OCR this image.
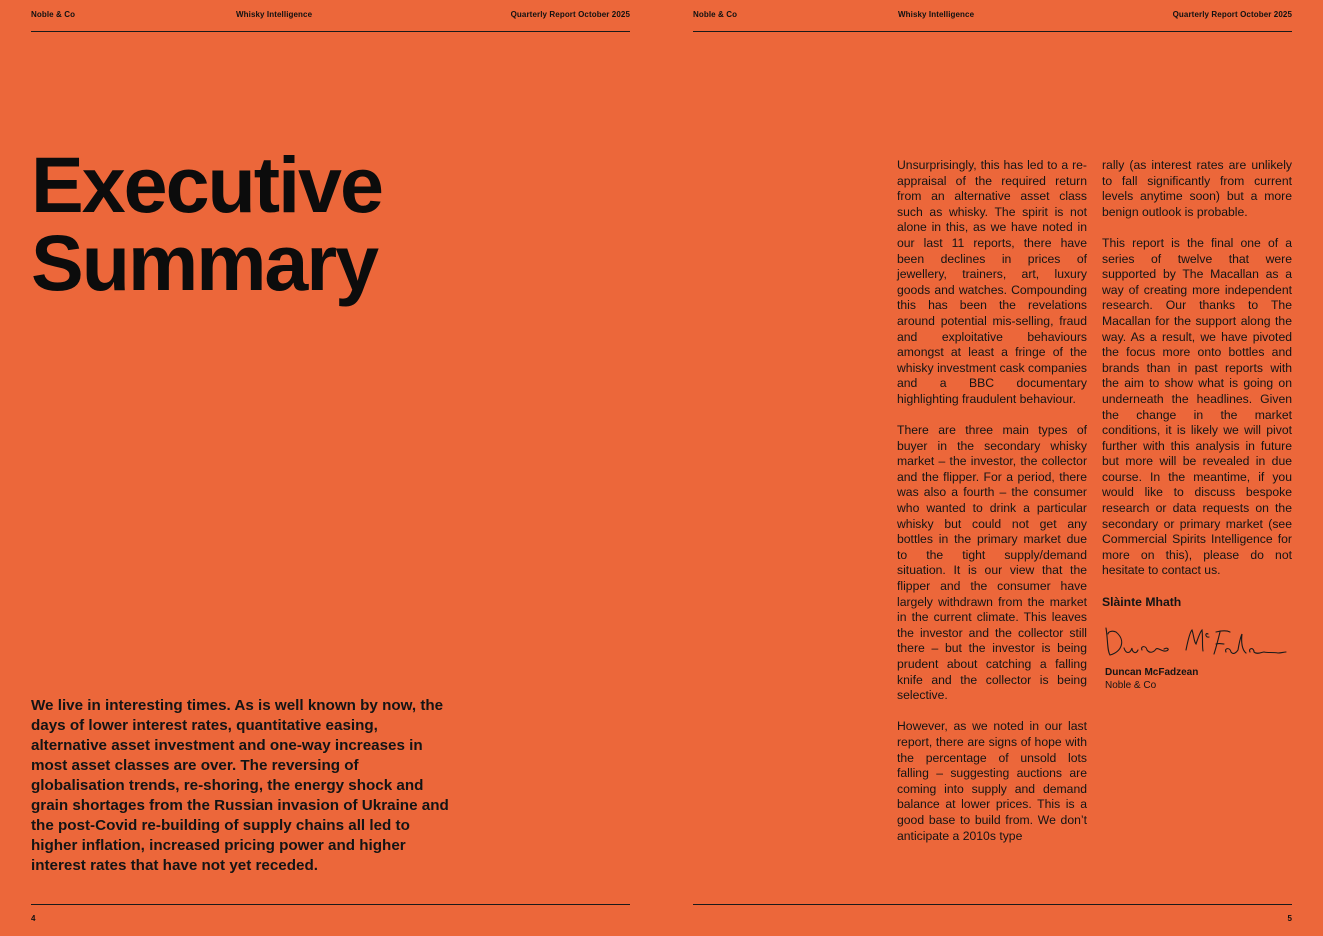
Noble & Co	Whisky Intelligence	Quarterly Report October 2025
Executive
Summary

We live in interesting times. As is well known by now, the days of lower interest rates, quantitative easing, alternative asset investment and one-way increases in most asset classes are over. The reversing of globalisation trends, re-shoring, the energy shock and grain shortages from the Russian invasion of Ukraine and the post-Covid re-building of supply chains all led to higher inflation, increased pricing power and higher interest rates that have not yet receded.

4
Noble & Co	Whisky Intelligence	Quarterly Report October 2025

Unsurprisingly, this has led to a re-appraisal of the required return from an alternative asset class such as whisky. The spirit is not alone in this, as we have noted in our last 11 reports, there have been declines in prices of jewellery, trainers, art, luxury goods and watches. Compounding this has been the revelations around potential mis-selling, fraud and exploitative behaviours amongst at least a fringe of the whisky investment cask companies and a BBC documentary highlighting fraudulent behaviour.

There are three main types of buyer in the secondary whisky market – the investor, the collector and the flipper. For a period, there was also a fourth – the consumer who wanted to drink a particular whisky but could not get any bottles in the primary market due to the tight supply/demand situation. It is our view that the flipper and the consumer have largely withdrawn from the market in the current climate. This leaves the investor and the collector still there – but the investor is being prudent about catching a falling knife and the collector is being selective.

However, as we noted in our last report, there are signs of hope with the percentage of unsold lots falling – suggesting auctions are coming into supply and demand balance at lower prices. This is a good base to build from. We don’t anticipate a 2010s type

rally (as interest rates are unlikely to fall significantly from current levels anytime soon) but a more benign outlook is probable.

This report is the final one of a series of twelve that were supported by The Macallan as a way of creating more independent research. Our thanks to The Macallan for the support along the way. As a result, we have pivoted the focus more onto bottles and brands than in past reports with the aim to show what is going on underneath the headlines. Given the change in the market conditions, it is likely we will pivot further with this analysis in future but more will be revealed in due course. In the meantime, if you would like to discuss bespoke research or data requests on the secondary or primary market (see Commercial Spirits Intelligence for more on this), please do not hesitate to contact us.

Slàinte Mhath
Duncan McFadzean
Noble & Co
5
